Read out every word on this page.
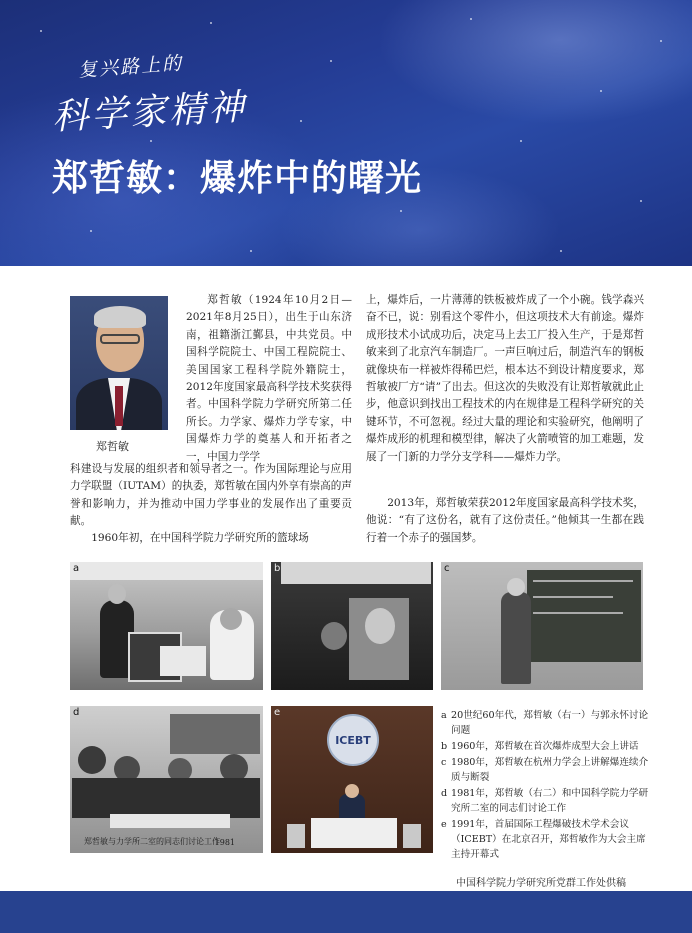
复兴路上的
科学家精神
郑哲敏：爆炸中的曙光
郑哲敏
郑哲敏（1924年10月2日—2021年8月25日），出生于山东济南，祖籍浙江鄞县，中共党员。中国科学院院士、中国工程院院士、美国国家工程科学院外籍院士，2012年度国家最高科学技术奖获得者。中国科学院力学研究所第二任所长。力学家、爆炸力学专家，中国爆炸力学的奠基人和开拓者之一，中国力学学
科建设与发展的组织者和领导者之一。作为国际理论与应用力学联盟（IUTAM）的执委，郑哲敏在国内外享有崇高的声誉和影响力，并为推动中国力学事业的发展作出了重要贡献。
1960年初，在中国科学院力学研究所的篮球场
上，爆炸后，一片薄薄的铁板被炸成了一个小碗。钱学森兴奋不已，说：别看这个零件小，但这项技术大有前途。爆炸成形技术小试成功后，决定马上去工厂投入生产，于是郑哲敏来到了北京汽车制造厂。一声巨响过后，制造汽车的钢板就像块布一样被炸得稀巴烂，根本达不到设计精度要求，郑哲敏被厂方“请”了出去。但这次的失败没有让郑哲敏就此止步，他意识到找出工程技术的内在规律是工程科学研究的关键环节，不可忽视。经过大量的理论和实验研究，他阐明了爆炸成形的机理和模型律，解决了火箭喷管的加工难题，发展了一门新的力学分支学科——爆炸力学。
2013年，郑哲敏荣获2012年度国家最高科学技术奖，他说：“有了这份名，就有了这份责任。”他倾其一生都在践行着一个赤子的强国梦。
a	b	c
d
郑哲敏与力学所二室的同志们讨论工作
1981
ICEBT
e	a 20世纪60年代，郑哲敏（右一）与郭永怀讨论问题
b 1960年，郑哲敏在首次爆炸成型大会上讲话
c 1980年，郑哲敏在杭州力学会上讲解爆连续介质与断裂
d 1981年，郑哲敏（右二）和中国科学院力学研究所二室的同志们讨论工作
e 1991年，首届国际工程爆破技术学术会议（ICEBT）在北京召开，郑哲敏作为大会主席主持开幕式
中国科学院力学研究所党群工作处供稿
